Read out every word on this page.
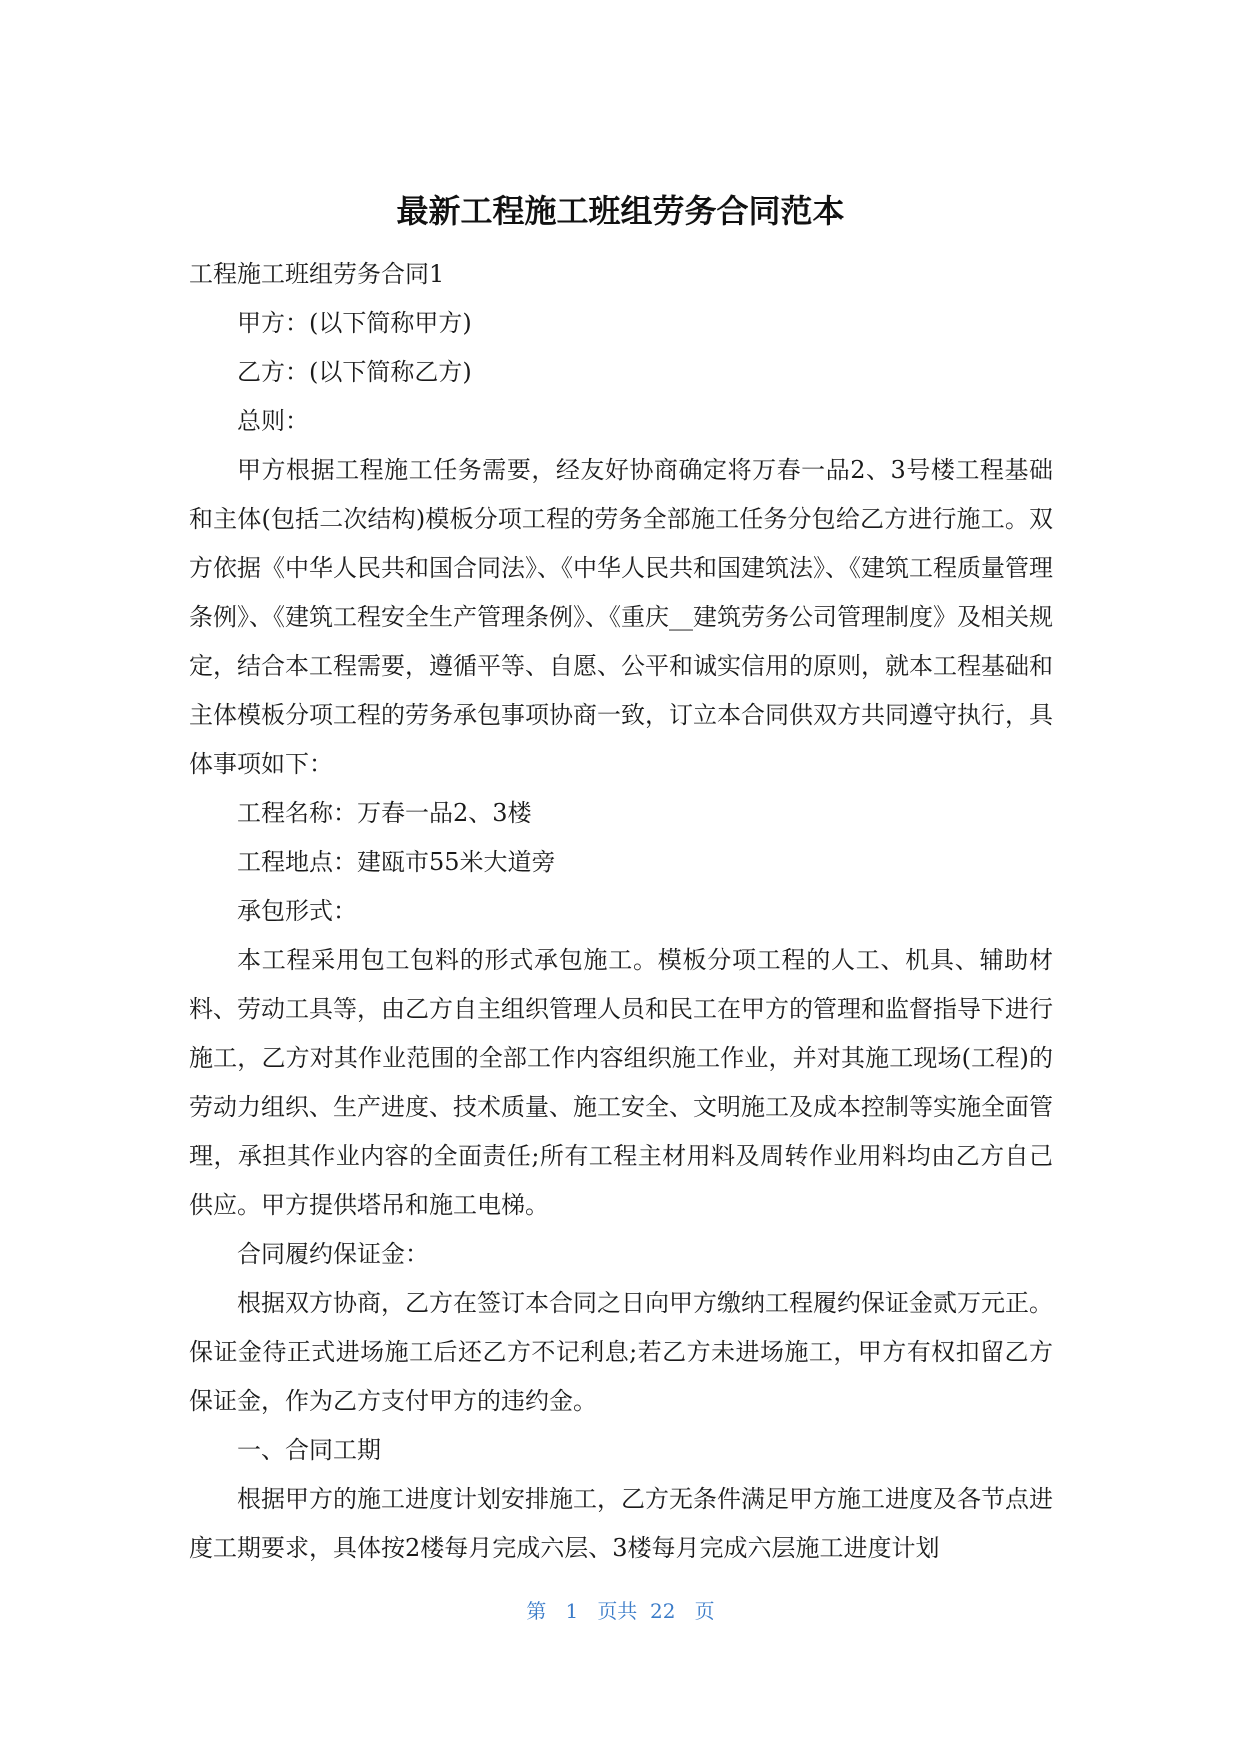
最新工程施工班组劳务合同范本

工程施工班组劳务合同1

甲方：(以下简称甲方)

乙方：(以下简称乙方)

总则：

甲方根据工程施工任务需要，经友好协商确定将万春一品2、3号楼工程基础和主体(包括二次结构)模板分项工程的劳务全部施工任务分包给乙方进行施工。双方依据《中华人民共和国合同法》、《中华人民共和国建筑法》、《建筑工程质量管理条例》、《建筑工程安全生产管理条例》、《重庆__建筑劳务公司管理制度》及相关规定，结合本工程需要，遵循平等、自愿、公平和诚实信用的原则，就本工程基础和主体模板分项工程的劳务承包事项协商一致，订立本合同供双方共同遵守执行，具体事项如下：

工程名称：万春一品2、3楼

工程地点：建瓯市55米大道旁

承包形式：

本工程采用包工包料的形式承包施工。模板分项工程的人工、机具、辅助材料、劳动工具等，由乙方自主组织管理人员和民工在甲方的管理和监督指导下进行施工，乙方对其作业范围的全部工作内容组织施工作业，并对其施工现场(工程)的劳动力组织、生产进度、技术质量、施工安全、文明施工及成本控制等实施全面管理，承担其作业内容的全面责任;所有工程主材用料及周转作业用料均由乙方自己供应。甲方提供塔吊和施工电梯。

合同履约保证金：

根据双方协商，乙方在签订本合同之日向甲方缴纳工程履约保证金贰万元正。保证金待正式进场施工后还乙方不记利息;若乙方未进场施工，甲方有权扣留乙方保证金，作为乙方支付甲方的违约金。

一、合同工期

根据甲方的施工进度计划安排施工，乙方无条件满足甲方施工进度及各节点进度工期要求，具体按2楼每月完成六层、3楼每月完成六层施工进度计划

第 1 页共 22 页
